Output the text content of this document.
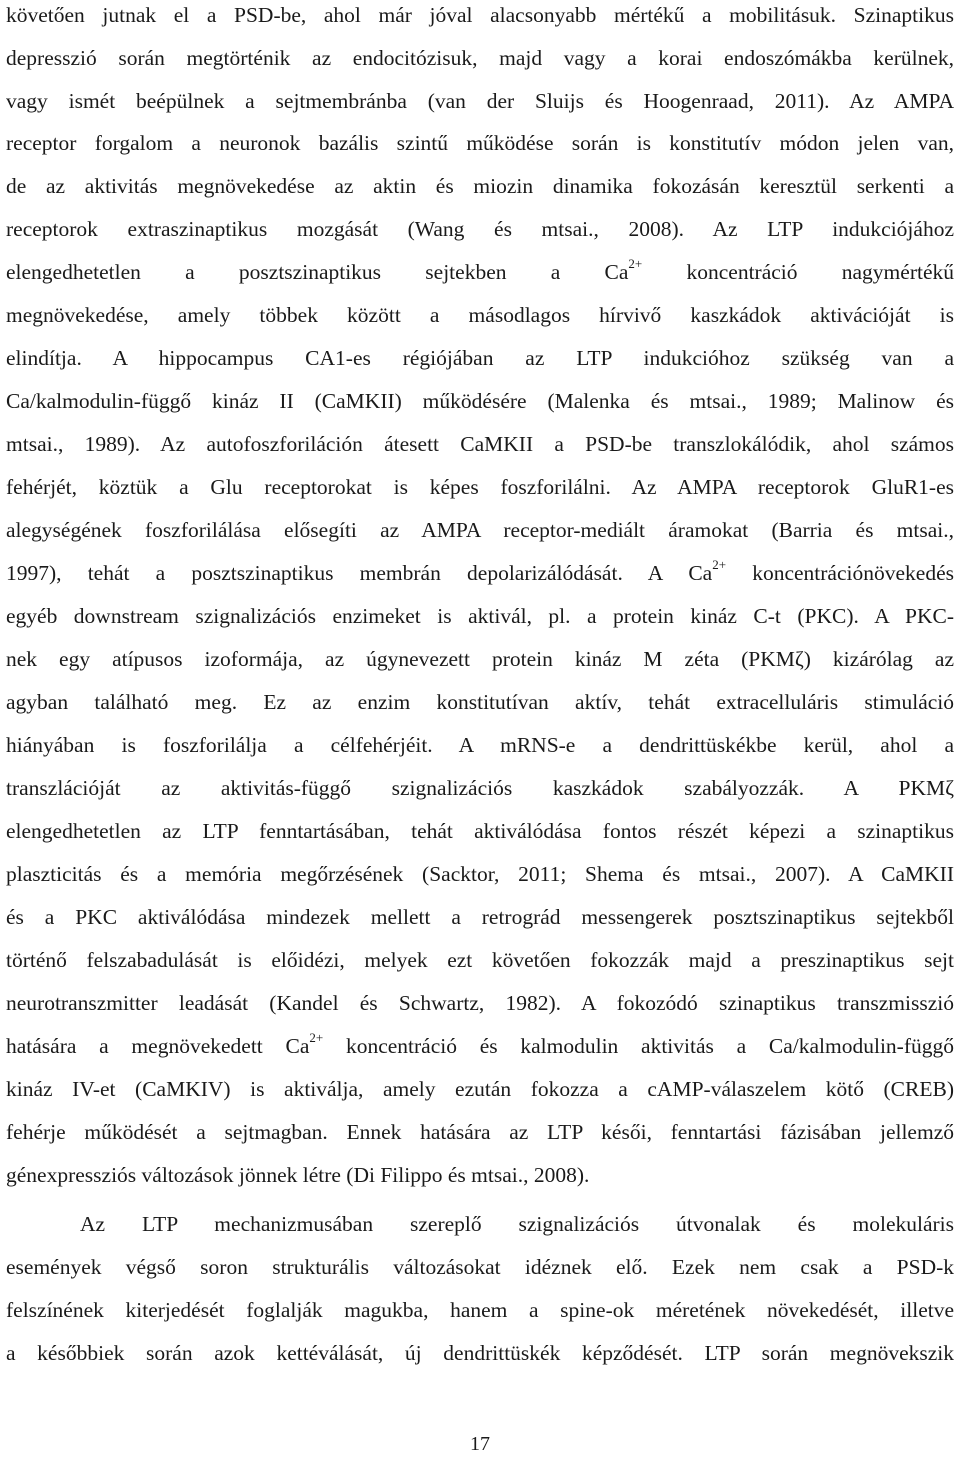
követően jutnak el a PSD-be, ahol már jóval alacsonyabb mértékű a mobilitásuk. Szinaptikus
depresszió során megtörténik az endocitózisuk, majd vagy a korai endoszómákba kerülnek,
vagy ismét beépülnek a sejtmembránba (van der Sluijs és Hoogenraad, 2011). Az AMPA
receptor forgalom a neuronok bazális szintű működése során is konstitutív módon jelen van,
de az aktivitás megnövekedése az aktin és miozin dinamika fokozásán keresztül serkenti a
receptorok extraszinaptikus mozgását (Wang és mtsai., 2008). Az LTP indukciójához
elengedhetetlen a posztszinaptikus sejtekben a $Ca^{2+}$ koncentráció nagymértékű
megnövekedése, amely többek között a másodlagos hírvivő kaszkádok aktivációját is
elindítja. A hippocampus CA1-es régiójában az LTP indukcióhoz szükség van a
Ca/kalmodulin-függő kináz II (CaMKII) működésére (Malenka és mtsai., 1989; Malinow és
mtsai., 1989). Az autofoszforiláción átesett CaMKII a PSD-be transzlokálódik, ahol számos
fehérjét, köztük a Glu receptorokat is képes foszforilálni. Az AMPA receptorok GluR1-es
alegységének foszforilálása elősegíti az AMPA receptor-mediált áramokat (Barria és mtsai.,
1997), tehát a posztszinaptikus membrán depolarizálódását. A $Ca^{2+}$ koncentrációnövekedés
egyéb downstream szignalizációs enzimeket is aktivál, pl. a protein kináz C-t (PKC). A PKC-
nek egy atípusos izoformája, az úgynevezett protein kináz M zéta (PKMζ) kizárólag az
agyban található meg. Ez az enzim konstitutívan aktív, tehát extracelluláris stimuláció
hiányában is foszforilálja a célfehérjéit. A mRNS-e a dendrittüskékbe kerül, ahol a
transzlációját az aktivitás-függő szignalizációs kaszkádok szabályozzák. A PKMζ
elengedhetetlen az LTP fenntartásában, tehát aktiválódása fontos részét képezi a szinaptikus
plaszticitás és a memória megőrzésének (Sacktor, 2011; Shema és mtsai., 2007). A CaMKII
és a PKC aktiválódása mindezek mellett a retrográd messengerek posztszinaptikus sejtekből
történő felszabadulását is előidézi, melyek ezt követően fokozzák majd a preszinaptikus sejt
neurotranszmitter leadását (Kandel és Schwartz, 1982). A fokozódó szinaptikus transzmisszió
hatására a megnövekedett $Ca^{2+}$ koncentráció és kalmodulin aktivitás a Ca/kalmodulin-függő
kináz IV-et (CaMKIV) is aktiválja, amely ezután fokozza a cAMP-válaszelem kötő (CREB)
fehérje működését a sejtmagban. Ennek hatására az LTP késői, fenntartási fázisában jellemző
génexpressziós változások jönnek létre (Di Filippo és mtsai., 2008).
Az LTP mechanizmusában szereplő szignalizációs útvonalak és molekuláris
események végső soron strukturális változásokat idéznek elő. Ezek nem csak a PSD-k
felszínének kiterjedését foglalják magukba, hanem a spine-ok méretének növekedését, illetve
a későbbiek során azok kettéválását, új dendrittüskék képződését. LTP során megnövekszik
17
